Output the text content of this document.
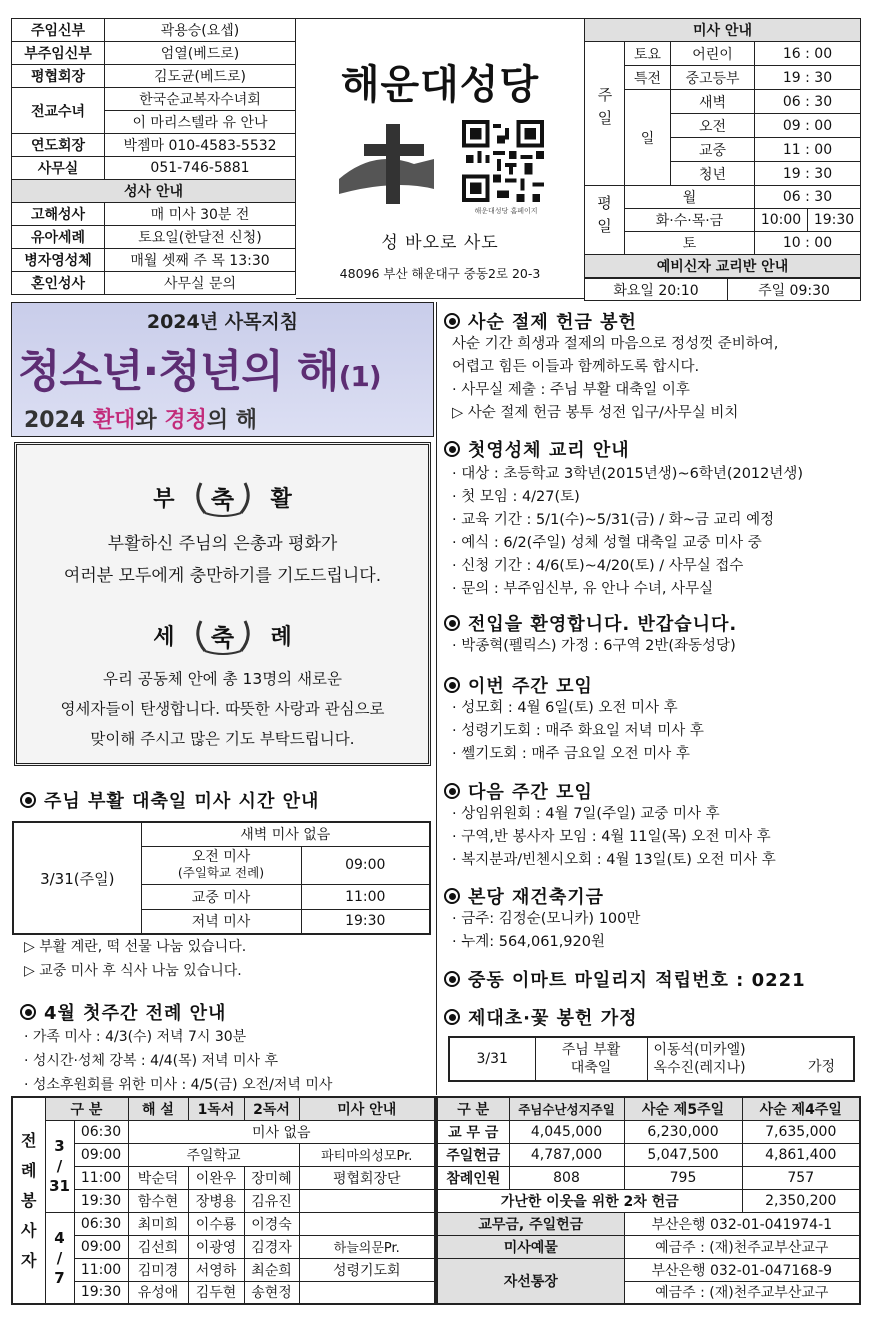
주임신부	곽용승(요셉)
부주임신부	엄열(베드로)
평협회장	김도균(베드로)
전교수녀	한국순교복자수녀회
	이 마리스텔라 유 안나
연도회장	박젬마 010-4583-5532
사무실	051-746-5881
성사 안내	
고해성사	매 미사 30분 전
유아세례	토요일(한달전 신청)
병자영성체	매월 셋째 주 목 13:30
혼인성사	사무실 문의
해운대성당
해운대성당 홈페이지
성 바오로 사도
48096 부산 해운대구 중동2로 20-3
미사 안내				
주일	토요	어린이	16 : 00	
	특전	중고등부	19 : 30	
	일	새벽	06 : 30	
		오전	09 : 00	
		교중	11 : 00	
		청년	19 : 30	
평일	월		06 : 30	
	화·수·목·금		10:00	19:30
	토		10 : 00	
예비신자 교리반 안내				
화요일 20:10	주일 09:30
2024년 사목지침
청소년·청년의 해(1)
2024 환대와 경청의 해
부 축 활
부활하신 주님의 은총과 평화가
여러분 모두에게 충만하기를 기도드립니다.
세 축 례
우리 공동체 안에 총 13명의 새로운
영세자들이 탄생합니다. 따뜻한 사랑과 관심으로
맞이해 주시고 많은 기도 부탁드립니다.
주님 부활 대축일 미사 시간 안내
3/31(주일)	새벽 미사 없음	

	오전 미사
(주일학교 전례)	09:00
	교중 미사	11:00
	저녁 미사	19:30
▷ 부활 계란, 떡 선물 나눔 있습니다.
▷ 교중 미사 후 식사 나눔 있습니다.
4월 첫주간 전례 안내
· 가족 미사 : 4/3(수) 저녁 7시 30분
· 성시간·성체 강복 : 4/4(목) 저녁 미사 후
· 성소후원회를 위한 미사 : 4/5(금) 오전/저녁 미사
사순 절제 헌금 봉헌
사순 기간 희생과 절제의 마음으로 정성껏 준비하여,
어렵고 힘든 이들과 함께하도록 합시다.
· 사무실 제출 : 주님 부활 대축일 이후
▷ 사순 절제 헌금 봉투 성전 입구/사무실 비치
첫영성체 교리 안내
· 대상 : 초등학교 3학년(2015년생)~6학년(2012년생)
· 첫 모임 : 4/27(토)
· 교육 기간 : 5/1(수)~5/31(금) / 화~금 교리 예정
· 예식 : 6/2(주일) 성체 성혈 대축일 교중 미사 중
· 신청 기간 : 4/6(토)~4/20(토) / 사무실 접수
· 문의 : 부주임신부, 유 안나 수녀, 사무실
전입을 환영합니다. 반갑습니다.
· 박종혁(펠릭스) 가정 : 6구역 2반(좌동성당)
이번 주간 모임
· 성모회 : 4월 6일(토) 오전 미사 후
· 성령기도회 : 매주 화요일 저녁 미사 후
· 쎌기도회 : 매주 금요일 오전 미사 후
다음 주간 모임
· 상임위원회 : 4월 7일(주일) 교중 미사 후
· 구역,반 봉사자 모임 : 4월 11일(목) 오전 미사 후
· 복지분과/빈첸시오회 : 4월 13일(토) 오전 미사 후
본당 재건축기금
· 금주: 김정순(모니카) 100만
· 누계: 564,061,920원
중동 이마트 마일리지 적립번호 : 0221
제대초·꽃 봉헌 가정
3/31	
주님 부활
대축일

이동석(미카엘)
옥수진(레지나)	가정
전
례
봉
사
자	구 분		해 설	1독서	2독서	미사 안내

	3
/
31	06:30	미사 없음			
		09:00	주일학교			파티마의성모Pr.
		11:00	박순덕	이완우	장미혜	평협회장단
		19:30	함수현	장병용	김유진	

	4
/
7	06:30	최미희	이수룡	이경숙	
		09:00	김선희	이광영	김경자	하늘의문Pr.
		11:00	김미경	서영하	최순희	성령기도회
		19:30	유성애	김두현	송현정	
구 분	주님수난성지주일	사순 제5주일	사순 제4주일
교 무 금	4,045,000	6,230,000	7,635,000
주일헌금	4,787,000	5,047,500	4,861,400
참례인원	808	795	757
가난한 이웃을 위한 2차 헌금			2,350,200
교무금, 주일헌금		부산은행 032-01-041974-1	
미사예물		예금주 : (재)천주교부산교구	
자선통장		부산은행 032-01-047168-9	
		예금주 : (재)천주교부산교구	
